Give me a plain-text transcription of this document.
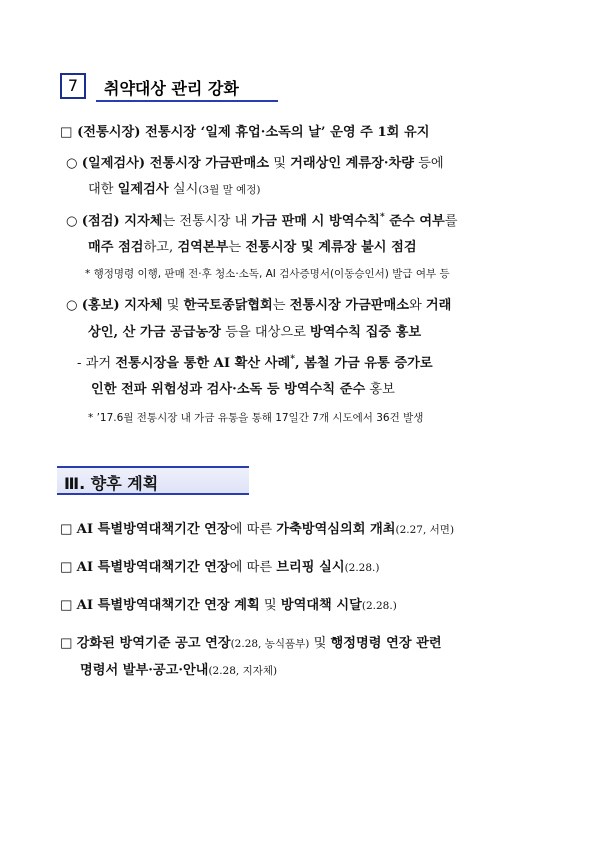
7	취약대상 관리 강화
□ (전통시장) 전통시장 ‘일제 휴업·소독의 날’ 운영 주 1회 유지
○ (일제검사) 전통시장 가금판매소 및 거래상인 계류장·차량 등에
대한 일제검사 실시(3월 말 예정)
○ (점검) 지자체는 전통시장 내 가금 판매 시 방역수칙* 준수 여부를
매주 점검하고, 검역본부는 전통시장 및 계류장 불시 점검
* 행정명령 이행, 판매 전·후 청소·소독, AI 검사증명서(이동승인서) 발급 여부 등
○ (홍보) 지자체 및 한국토종닭협회는 전통시장 가금판매소와 거래
상인, 산 가금 공급농장 등을 대상으로 방역수칙 집중 홍보
- 과거 전통시장을 통한 AI 확산 사례*, 봄철 가금 유통 증가로
인한 전파 위험성과 검사·소독 등 방역수칙 준수 홍보
* ’17.6월 전통시장 내 가금 유통을 통해 17일간 7개 시도에서 36건 발생
Ⅲ. 향후 계획
□ AI 특별방역대책기간 연장에 따른 가축방역심의회 개최(2.27, 서면)
□ AI 특별방역대책기간 연장에 따른 브리핑 실시(2.28.)
□ AI 특별방역대책기간 연장 계획 및 방역대책 시달(2.28.)
□ 강화된 방역기준 공고 연장(2.28, 농식품부) 및 행정명령 연장 관련
명령서 발부·공고·안내(2.28, 지자체)
